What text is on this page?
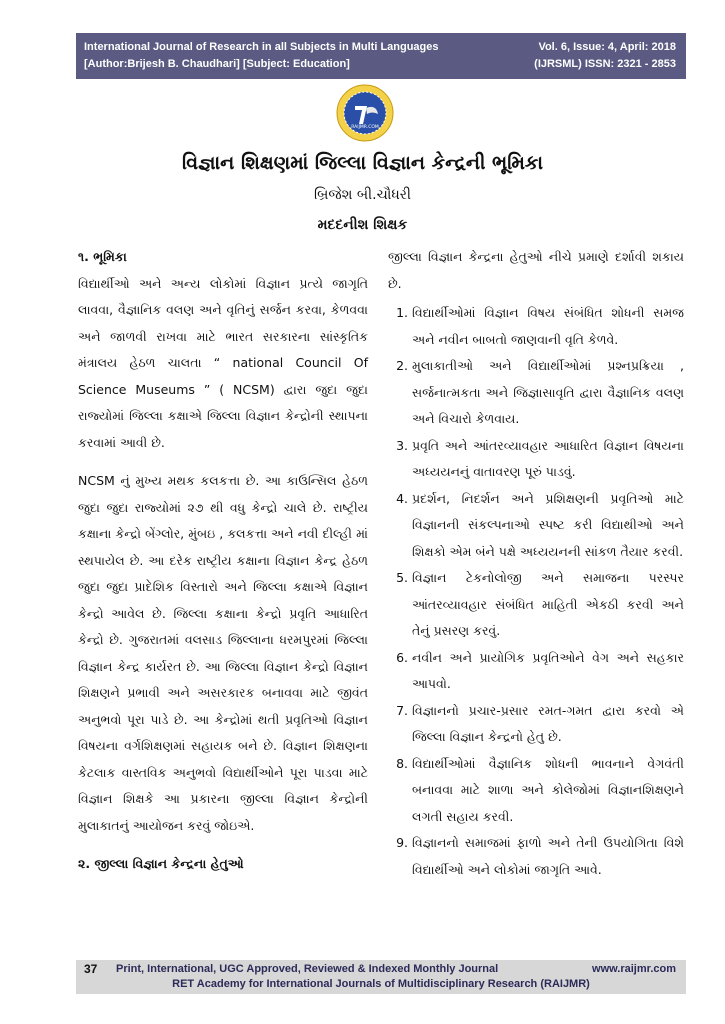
International Journal of Research in all Subjects in Multi Languages
[Author:Brijesh B. Chaudhari] [Subject: Education]
Vol. 6, Issue: 4, April: 2018
(IJRSML) ISSN: 2321 - 2853
RAIJMR.COM
વિજ્ઞાન શિક્ષણમાં જિલ્લા વિજ્ઞાન કેન્દ્રની ભૂમિકા
બ્રિજેશ બી.ચૌધરી
મદદનીશ શિક્ષક
૧. ભૂમિકા

વિદ્યાર્થીઓ અને અન્ય લોકોમાં વિજ્ઞાન પ્રત્યે જાગૃતિ લાવવા, વૈજ્ઞાનિક વલણ અને વૃતિનું સર્જન કરવા, કેળવવા અને જાળવી રાખવા માટે ભારત સરકારના સાંસ્કૃતિક મંત્રાલય હેઠળ ચાલતા “ national Council Of Science Museums ” ( NCSM) દ્વારા જુદા જુદા રાજ્યોમાં જિલ્લા કક્ષાએ જિલ્લા વિજ્ઞાન કેન્દ્રોની સ્થાપના કરવામાં આવી છે.

NCSM નું મુખ્ય મથક કલકત્તા છે. આ કાઉન્સિલ હેઠળ જુદા જુદા રાજ્યોમાં ૨૭ થી વધુ કેન્દ્રો ચાલે છે. રાષ્ટ્રીય કક્ષાના કેન્દ્રો બેંગ્લોર, મુંબઇ , કલકત્તા અને નવી દીલ્હી માં સ્થપાયેલ છે. આ દરેક રાષ્ટ્રીય કક્ષાના વિજ્ઞાન કેન્દ્ર હેઠળ જુદા જુદા પ્રાદેશિક વિસ્તારો અને જિલ્લા કક્ષાએ વિજ્ઞાન કેન્દ્રો આવેલ છે. જિલ્લા કક્ષાના કેન્દ્રો પ્રવૃતિ આધારિત કેન્દ્રો છે. ગુજરાતમાં વલસાડ જિલ્લાના ધરમપુરમાં જિલ્લા વિજ્ઞાન કેન્દ્ર કાર્યરત છે. આ જિલ્લા વિજ્ઞાન કેન્દ્રો વિજ્ઞાન શિક્ષણને પ્રભાવી અને અસરકારક બનાવવા માટે જીવંત અનુભવો પૂરા પાડે છે. આ કેન્દ્રોમાં થતી પ્રવૃતિઓ વિજ્ઞાન વિષયના વર્ગશિક્ષણમાં સહાયક બને છે. વિજ્ઞાન શિક્ષણના કેટલાક વાસ્તવિક અનુભવો વિદ્યાર્થીઓને પૂરા પાડવા માટે વિજ્ઞાન શિક્ષકે આ પ્રકારના જીલ્લા વિજ્ઞાન કેન્દ્રોની મુલાકાતનું આયોજન કરવું જોઇએ.

૨. જીલ્લા વિજ્ઞાન કેન્દ્રના હેતુઓ

જીલ્લા વિજ્ઞાન કેન્દ્રના હેતુઓ નીચે પ્રમાણે દર્શાવી શકાય છે.

1. વિદ્યાર્થીઓમાં વિજ્ઞાન વિષય સંબંધિત શોધની સમજ અને નવીન બાબતો જાણવાની વૃતિ કેળવે.
2. મુલાકાતીઓ અને વિદ્યાર્થીઓમાં પ્રશ્નપ્રક્રિયા , સર્જનાત્મકતા અને જિજ્ઞાસાવૃતિ દ્વારા વૈજ્ઞાનિક વલણ અને વિચારો કેળવાય.
3. પ્રવૃતિ અને આંતરવ્યાવહાર આધારિત વિજ્ઞાન વિષયના અધ્યયનનું વાતાવરણ પૂરું પાડવું.
4. પ્રદર્શન, નિદર્શન અને પ્રશિક્ષણની પ્રવૃતિઓ માટે વિજ્ઞાનની સંકલ્પનાઓ સ્પષ્ટ કરી વિદ્યાથીઓ અને શિક્ષકો એમ બંને પક્ષે અધ્યયનની સાંકળ તૈયાર કરવી.
5. વિજ્ઞાન ટેકનોલોજી અને સમાજના પરસ્પર આંતરવ્યાવહાર સંબંધિત માહિતી એકઠી કરવી અને તેનું પ્રસરણ કરવું.
6. નવીન અને પ્રાયોગિક પ્રવૃતિઓને વેગ અને સહકાર આપવો.
7. વિજ્ઞાનનો પ્રચાર-પ્રસાર રમત-ગમત દ્વારા કરવો એ જિલ્લા વિજ્ઞાન કેન્દ્રનો હેતુ છે.
8. વિદ્યાર્થીઓમાં વૈજ્ઞાનિક શોધની ભાવનાને વેગવંતી બનાવવા માટે શાળા અને કોલેજોમાં વિજ્ઞાનશિક્ષણને લગતી સહાય કરવી.
9. વિજ્ઞાનનો સમાજમાં ફાળો અને તેની ઉપયોગિતા વિશે વિદ્યાર્થીઓ અને લોકોમાં જાગૃતિ આવે.
37 Print, International, UGC Approved, Reviewed & Indexed Monthly Journal	www.raijmr.com
RET Academy for International Journals of Multidisciplinary Research (RAIJMR)
